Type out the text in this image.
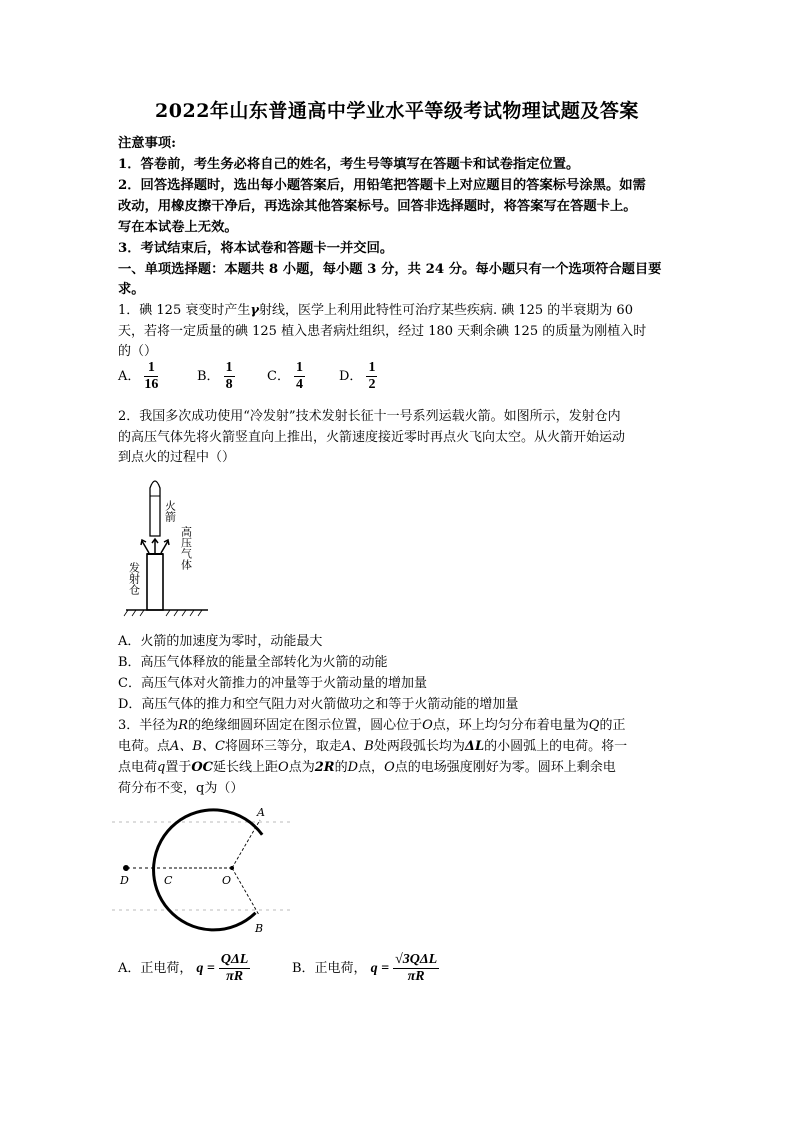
2022年山东普通高中学业水平等级考试物理试题及答案
注意事项:
1．答卷前，考生务必将自己的姓名，考生号等填写在答题卡和试卷指定位置。
2．回答选择题时，选出每小题答案后，用铅笔把答题卡上对应题目的答案标号涂黑。如需
改动，用橡皮擦干净后，再选涂其他答案标号。回答非选择题时，将答案写在答题卡上。
写在本试卷上无效。
3．考试结束后，将本试卷和答题卡一并交回。
一、单项选择题：本题共 8 小题，每小题 3 分，共 24 分。每小题只有一个选项符合题目要
求。
1．碘 125 衰变时产生γ射线，医学上利用此特性可治疗某些疾病. 碘 125 的半衰期为 60
天，若将一定质量的碘 125 植入患者病灶组织，经过 180 天剩余碘 125 的质量为刚植入时
的（）
A． $\frac{1}{16}$	B． $\frac{1}{8}$ C． $\frac{1}{4}$	D． $\frac{1}{2}$
2．我国多次成功使用“冷发射”技术发射长征十一号系列运载火箭。如图所示，发射仓内
的高压气体先将火箭竖直向上推出，火箭速度接近零时再点火飞向太空。从火箭开始运动
到点火的过程中（）
火箭
高压气体
发射仓
A．火箭的加速度为零时，动能最大
B．高压气体释放的能量全部转化为火箭的动能
C．高压气体对火箭推力的冲量等于火箭动量的增加量
D．高压气体的推力和空气阻力对火箭做功之和等于火箭动能的增加量
3．半径为R的绝缘细圆环固定在图示位置，圆心位于O点，环上均匀分布着电量为Q的正
电荷。点A、B、C将圆环三等分，取走A、B处两段弧长均为ΔL的小圆弧上的电荷。将一
点电荷q置于OC延长线上距O点为2R的D点，O点的电场强度刚好为零。圆环上剩余电
荷分布不变，q为（）
A
B
C
D	O
A．正电荷， $q = \frac{\text{QΔL}}{\pi R}$	B．正电荷， $q = \frac{\text{√3QΔL}}{\pi R}$
